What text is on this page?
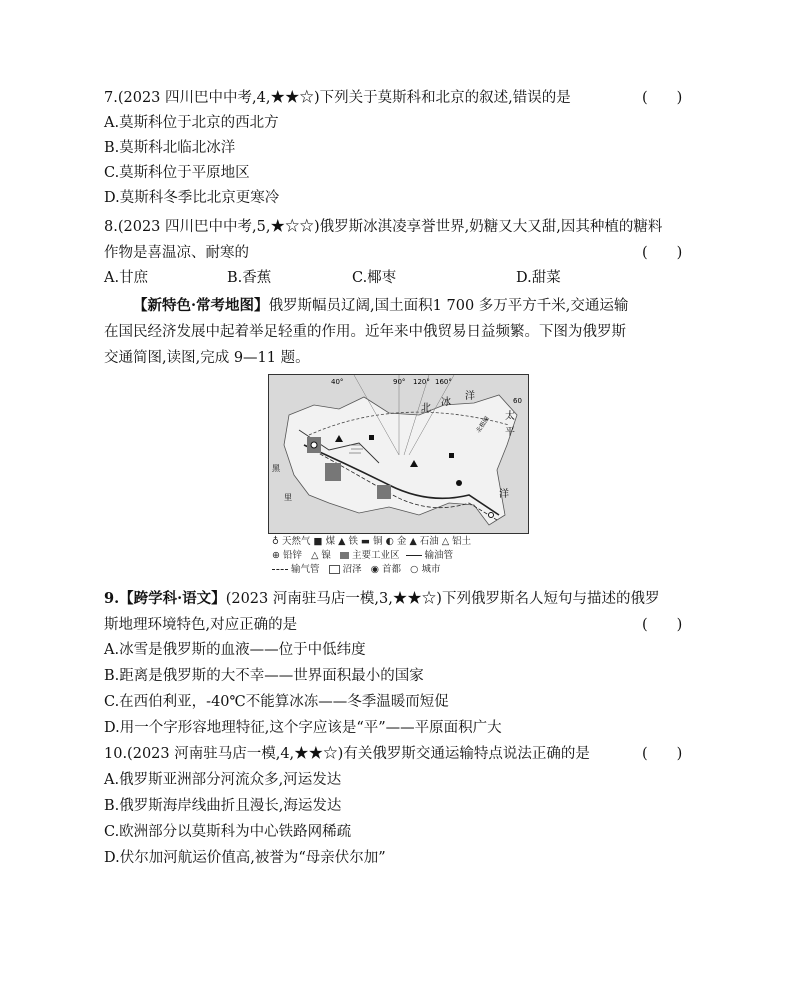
7.(2023 四川巴中中考,4,★★☆)下列关于莫斯科和北京的叙述,错误的是	(　　)
A.莫斯科位于北京的西北方
B.莫斯科北临北冰洋
C.莫斯科位于平原地区
D.莫斯科冬季比北京更寒冷
8.(2023 四川巴中中考,5,★☆☆)俄罗斯冰淇凌享誉世界,奶糖又大又甜,因其种植的糖料
作物是喜温凉、耐寒的	(　　)
A.甘庶	B.香蕉	C.椰枣	D.甜菜
【新特色·常考地图】俄罗斯幅员辽阔,国土面积1 700 多万平方千米,交通运输
在国民经济发展中起着举足轻重的作用。近年来中俄贸易日益频繁。下图为俄罗斯
交通简图,读图,完成 9—11 题。
40°	90° 120° 160°
北
冰
洋
太
平
洋
60
北极圈
黑
里
♁ 天然气 ■ 煤 ▲ 铁 ▬ 铜 ◐ 金 ▲ 石油 △ 铝土
⊕ 铅锌 △ 镍 主要工业区	输油管
输气管 沼泽 ◉ 首都 ○ 城市
9.【跨学科·语文】(2023 河南驻马店一模,3,★★☆)下列俄罗斯名人短句与描述的俄罗
斯地理环境特色,对应正确的是	(　　)
A.冰雪是俄罗斯的血液——位于中低纬度
B.距离是俄罗斯的大不幸——世界面积最小的国家
C.在西伯利亚，-40℃不能算冰冻——冬季温暖而短促
D.用一个字形容地理特征,这个字应该是“平”——平原面积广大
10.(2023 河南驻马店一模,4,★★☆)有关俄罗斯交通运输特点说法正确的是	(　　)
A.俄罗斯亚洲部分河流众多,河运发达
B.俄罗斯海岸线曲折且漫长,海运发达
C.欧洲部分以莫斯科为中心铁路网稀疏
D.伏尔加河航运价值高,被誉为“母亲伏尔加”
